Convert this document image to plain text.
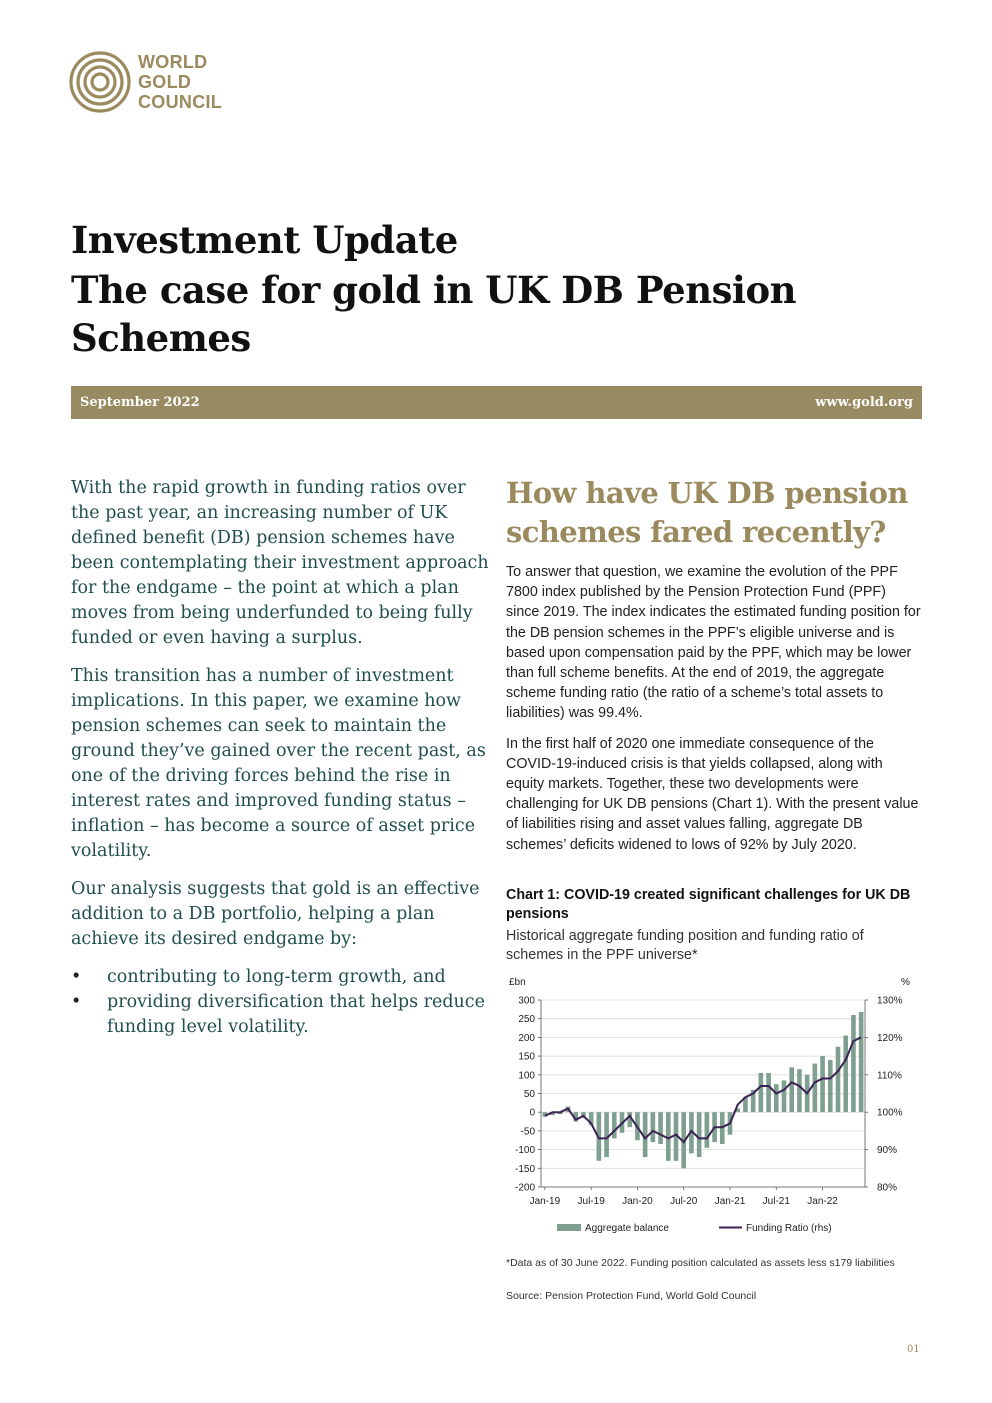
WORLD
GOLD
COUNCIL
Investment Update
The case for gold in UK DB Pension Schemes
September 2022	www.gold.org

With the rapid growth in funding ratios over the past year, an increasing number of UK defined benefit (DB) pension schemes have been contemplating their investment approach for the endgame – the point at which a plan moves from being underfunded to being fully funded or even having a surplus.

This transition has a number of investment implications. In this paper, we examine how pension schemes can seek to maintain the ground they’ve gained over the recent past, as one of the driving forces behind the rise in interest rates and improved funding status – inflation – has become a source of asset price volatility.

Our analysis suggests that gold is an effective addition to a DB portfolio, helping a plan achieve its desired endgame by:

• contributing to long-term growth, and
• providing diversification that helps reduce funding level volatility.
How have UK DB pension schemes fared recently?

To answer that question, we examine the evolution of the PPF 7800 index published by the Pension Protection Fund (PPF) since 2019. The index indicates the estimated funding position for the DB pension schemes in the PPF’s eligible universe and is based upon compensation paid by the PPF, which may be lower than full scheme benefits. At the end of 2019, the aggregate scheme funding ratio (the ratio of a scheme’s total assets to liabilities) was 99.4%.

In the first half of 2020 one immediate consequence of the COVID-19-induced crisis is that yields collapsed, along with equity markets. Together, these two developments were challenging for UK DB pensions (Chart 1). With the present value of liabilities rising and asset values falling, aggregate DB schemes’ deficits widened to lows of 92% by July 2020.

Chart 1: COVID-19 created significant challenges for UK DB pensions

Historical aggregate funding position and funding ratio of schemes in the PPF universe*

300
250
200
150
100
50
0
-50
-100
-150
-200
130%
120%
110%
100%
90%
80%
£bn	%
Jan-19 Jul-19 Jan-20 Jul-20 Jan-21 Jul-21 Jan-22
Aggregate balance	Funding Ratio (rhs)

*Data as of 30 June 2022. Funding position calculated as assets less s179 liabilities

Source: Pension Protection Fund, World Gold Council

01
